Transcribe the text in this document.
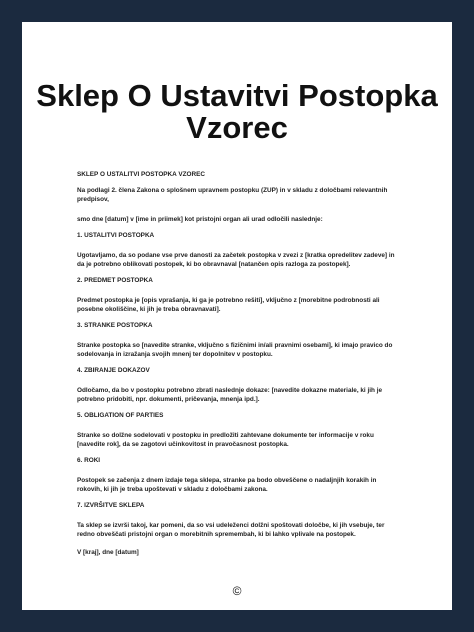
Sklep O Ustavitvi Postopka
Vzorec

SKLEP O USTALITVI POSTOPKA VZOREC

Na podlagi 2. člena Zakona o splošnem upravnem postopku (ZUP) in v skladu z določbami relevantnih predpisov,

smo dne [datum] v [ime in priimek] kot pristojni organ ali urad odločili naslednje:

1. USTALITVI POSTOPKA

Ugotavljamo, da so podane vse prve danosti za začetek postopka v zvezi z [kratka opredelitev zadeve] in da je potrebno oblikovati postopek, ki bo obravnaval [natančen opis razloga za postopek].

2. PREDMET POSTOPKA

Predmet postopka je [opis vprašanja, ki ga je potrebno rešiti], vključno z [morebitne podrobnosti ali posebne okoliščine, ki jih je treba obravnavati].

3. STRANKE POSTOPKA

Stranke postopka so [navedite stranke, vključno s fizičnimi in/ali pravnimi osebami], ki imajo pravico do sodelovanja in izražanja svojih mnenj ter dopolnitev v postopku.

4. ZBIRANJE DOKAZOV

Odločamo, da bo v postopku potrebno zbrati naslednje dokaze: [navedite dokazne materiale, ki jih je potrebno pridobiti, npr. dokumenti, pričevanja, mnenja ipd.].

5. OBLIGATION OF PARTIES

Stranke so dolžne sodelovati v postopku in predložiti zahtevane dokumente ter informacije v roku [navedite rok], da se zagotovi učinkovitost in pravočasnost postopka.

6. ROKI

Postopek se začenja z dnem izdaje tega sklepa, stranke pa bodo obveščene o nadaljnjih korakih in rokovih, ki jih je treba upoštevati v skladu z določbami zakona.

7. IZVRŠITVE SKLEPA

Ta sklep se izvrši takoj, kar pomeni, da so vsi udeleženci dolžni spoštovati določbe, ki jih vsebuje, ter redno obveščati pristojni organ o morebitnih spremembah, ki bi lahko vplivale na postopek.

V [kraj], dne [datum]

©
